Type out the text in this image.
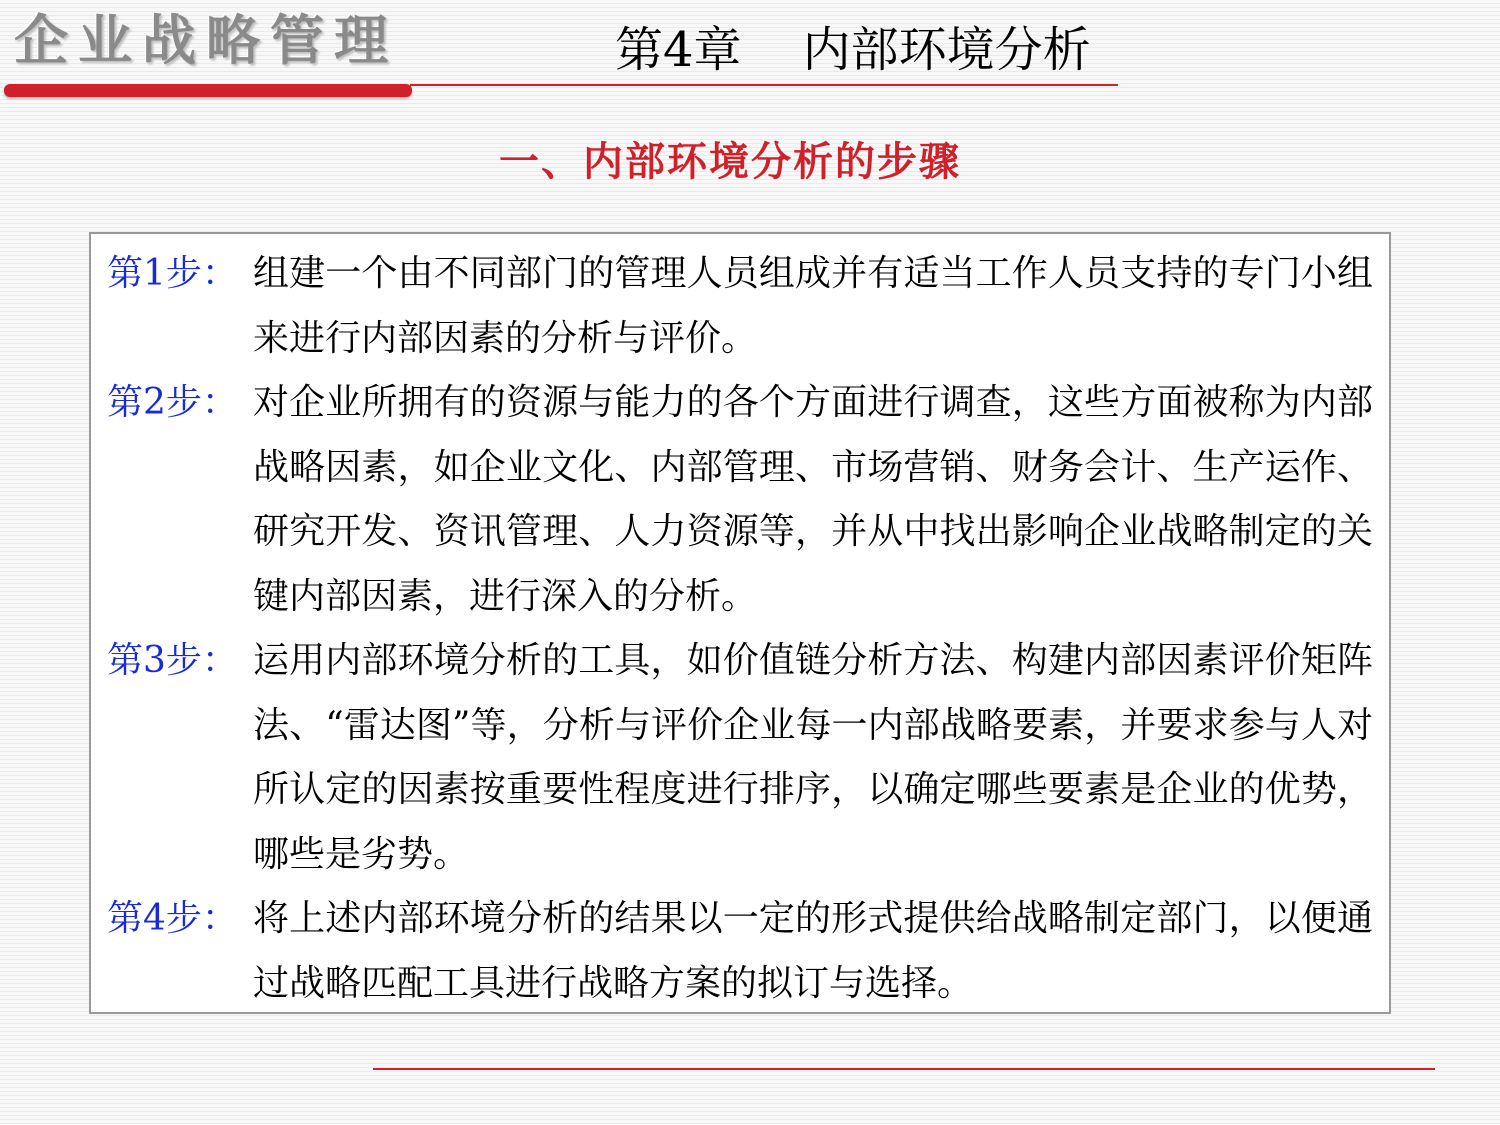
企业战略管理	第4章    内部环境分析
一、内部环境分析的步骤
第1步： 组建一个由不同部门的管理人员组成并有适当工作人员支持的专门小组来进行内部因素的分析与评价。
第2步： 对企业所拥有的资源与能力的各个方面进行调查，这些方面被称为内部战略因素，如企业文化、内部管理、市场营销、财务会计、生产运作、研究开发、资讯管理、人力资源等，并从中找出影响企业战略制定的关键内部因素，进行深入的分析。
第3步： 运用内部环境分析的工具，如价值链分析方法、构建内部因素评价矩阵法、“雷达图”等，分析与评价企业每一内部战略要素，并要求参与人对所认定的因素按重要性程度进行排序，以确定哪些要素是企业的优势，哪些是劣势。
第4步： 将上述内部环境分析的结果以一定的形式提供给战略制定部门，以便通过战略匹配工具进行战略方案的拟订与选择。
